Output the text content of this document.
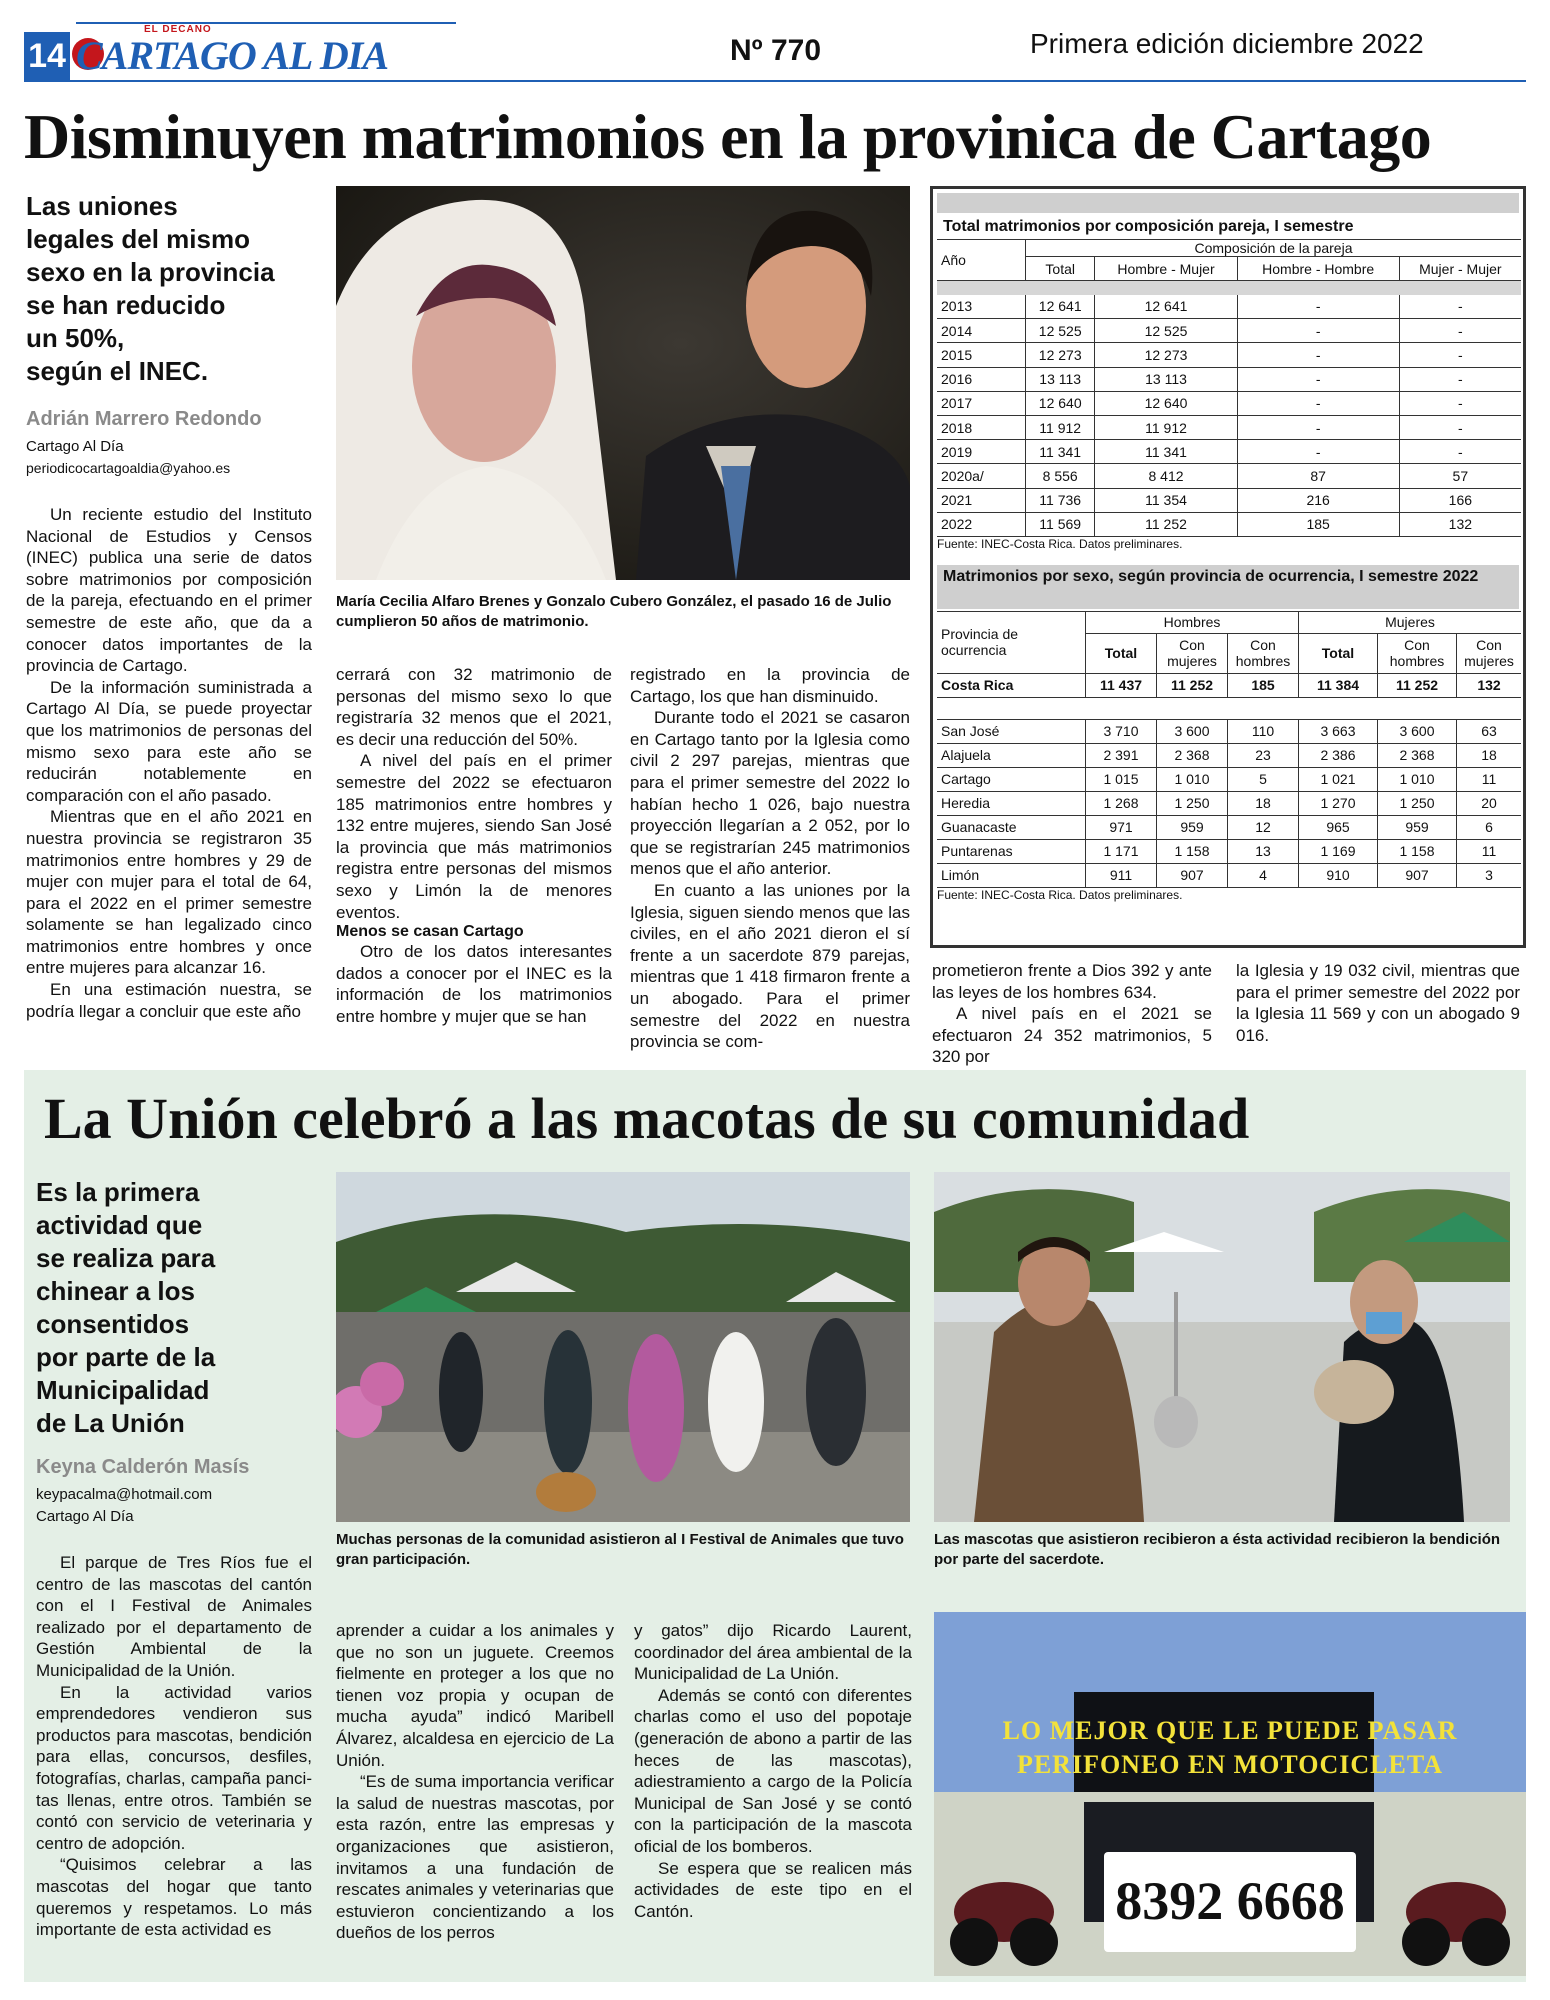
14
EL DECANO
CARTAGO AL DIA	Nº 770	Primera edición diciembre 2022
Disminuyen matrimonios en la provinica de Cartago
Las uniones
legales del mismo
sexo en la provincia
se han reducido
un 50%,
según el INEC.
Adrián Marrero Redondo
Cartago Al Día
periodicocartagoaldia@yahoo.es

Un reciente estudio del Instituto Nacional de Estudios y Censos (INEC) publica una serie de datos sobre matrimonios por composición de la pareja, efectuando en el primer semestre de este año, que da a conocer datos importantes de la provincia de Cartago.

De la información suministrada a Cartago Al Día, se puede proyectar que los matrimonios de personas del mismo sexo para este año se reducirán notablemente en comparación con el año pasado.

Mientras que en el año 2021 en nuestra provincia se registraron 35 matrimonios entre hombres y 29 de mujer con mujer para el total de 64, para el 2022 en el primer semestre solamente se han legalizado cinco matrimonios entre hombres y once entre mujeres para alcanzar 16.

En una estimación nuestra, se podría llegar a concluir que este año

María Cecilia Alfaro Brenes y Gonzalo Cubero González, el pasado 16 de Julio cumplieron 50 años de matrimonio.

cerrará con 32 matrimonio de personas del mismo sexo lo que registraría 32 menos que el 2021, es decir una reducción del 50%.

A nivel del país en el primer semestre del 2022 se efectuaron 185 matrimonios entre hombres y 132 entre mujeres, siendo San José la provincia que más matrimonios registra entre personas del mismos sexo y Limón la de menores eventos.

Menos se casan Cartago

Otro de los datos interesantes dados a conocer por el INEC es la información de los matrimonios entre hombre y mujer que se han

registrado en la provincia de Cartago, los que han disminuido.

Durante todo el 2021 se casaron en Cartago tanto por la Iglesia como civil 2 297 parejas, mientras que para el primer semestre del 2022 lo habían hecho 1 026, bajo nuestra proyección llegarían a 2 052, por lo que se registrarían 245 matrimonios menos que el año anterior.

En cuanto a las uniones por la Iglesia, siguen siendo menos que las civiles, en el año 2021 dieron el sí frente a un sacerdote 879 parejas, mientras que 1 418 firmaron frente a un abogado. Para el primer semestre del 2022 en nuestra provincia se com-

prometieron frente a Dios 392 y ante las leyes de los hombres 634.

A nivel país en el 2021 se efectuaron 24 352 matrimonios, 5 320 por

la Iglesia y 19 032 civil, mientras que para el primer semestre del 2022 por la Iglesia 11 569 y con un abogado 9 016.

Total matrimonios por composición pareja, I semestre
Año	Composición de la pareja			
	Total	Hombre - Mujer	Hombre - Hombre	Mujer - Mujer

2013	12 641	12 641	-	-
2014	12 525	12 525	-	-
2015	12 273	12 273	-	-
2016	13 113	13 113	-	-
2017	12 640	12 640	-	-
2018	11 912	11 912	-	-
2019	11 341	11 341	-	-
2020a/	8 556	8 412	87	57
2021	11 736	11 354	216	166
2022	11 569	11 252	185	132
Fuente: INEC-Costa Rica. Datos preliminares.
Matrimonios por sexo, según provincia de ocurrencia, I semestre 2022
Provincia de ocurrencia	Hombres			Mujeres		
	Total	Con mujeres	Con hombres	Total	Con hombres	Con mujeres
Costa Rica	11 437	11 252	185	11 384	11 252	132

San José	3 710	3 600	110	3 663	3 600	63
Alajuela	2 391	2 368	23	2 386	2 368	18
Cartago	1 015	1 010	5	1 021	1 010	11
Heredia	1 268	1 250	18	1 270	1 250	20
Guanacaste	971	959	12	965	959	6
Puntarenas	1 171	1 158	13	1 169	1 158	11
Limón	911	907	4	910	907	3
Fuente: INEC-Costa Rica. Datos preliminares.
La Unión celebró a las macotas de su comunidad
Es la primera
actividad que
se realiza para
chinear a los
consentidos
por parte de la
Municipalidad
de La Unión
Keyna Calderón Masís
keypacalma@hotmail.com
Cartago Al Día

El parque de Tres Ríos fue el centro de las mascotas del cantón con el I Festival de Animales realizado por el departamento de Gestión Ambiental de la Municipalidad de la Unión.

En la actividad varios emprendedores vendieron sus productos para mascotas, bendición para ellas, concursos, desfiles, fotografías, charlas, campaña panci-tas llenas, entre otros. También se contó con servicio de veterinaria y centro de adopción.

“Quisimos celebrar a las mascotas del hogar que tanto queremos y respetamos. Lo más importante de esta actividad es

aprender a cuidar a los animales y que no son un juguete. Creemos fielmente en proteger a los que no tienen voz propia y ocupan de mucha ayuda” indicó Maribell Álvarez, alcaldesa en ejercicio de La Unión.

“Es de suma importancia verificar la salud de nuestras mascotas, por esta razón, entre las empresas y organizaciones que asistieron, invitamos a una fundación de rescates animales y veterinarias que estuvieron concientizando a los dueños de los perros

y gatos” dijo Ricardo Laurent, coordinador del área ambiental de la Municipalidad de La Unión.

Además se contó con diferentes charlas como el uso del popotaje (generación de abono a partir de las heces de las mascotas), adiestramiento a cargo de la Policía Municipal de San José y se contó con la participación de la mascota oficial de los bomberos.

Se espera que se realicen más actividades de este tipo en el Cantón.

Muchas personas de la comunidad asistieron al I Festival de Animales que tuvo gran participación.
Las mascotas que asistieron recibieron a ésta actividad recibieron la bendición por parte del sacerdote.
LO MEJOR QUE LE PUEDE PASAR
PERIFONEO EN MOTOCICLETA
8392 6668
